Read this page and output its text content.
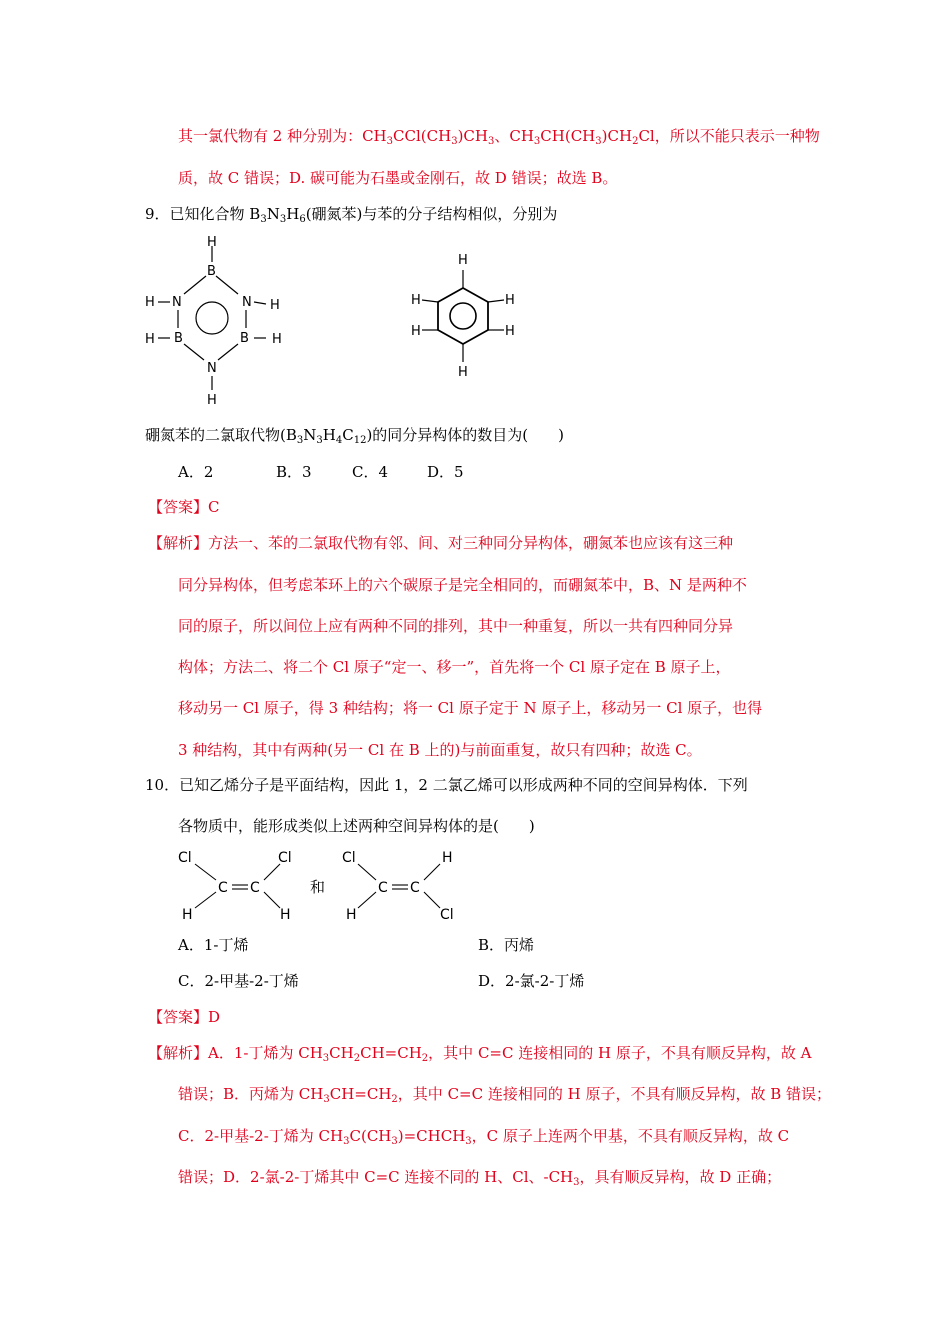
其一氯代物有 2 种分别为：$CH_3CCl(CH_3)CH_3$、$CH_3CH(CH_3)CH_2Cl$，所以不能只表示一种物
质，故 C 错误；D. 碳可能为石墨或金刚石，故 D 错误；故选 B。
9．已知化合物 $B_3N_3H_6$(硼氮苯)与苯的分子结构相似，分别为
H
B
H N	N H
H B	B H
N
H
H
H	H
H	H
H
硼氮苯的二氯取代物$(B_3N_3H_4C_{12})$的同分异构体的数目为(　　)
A．2	B．3	C．4	D．5
【答案】C
【解析】方法一、苯的二氯取代物有邻、间、对三种同分异构体，硼氮苯也应该有这三种
同分异构体，但考虑苯环上的六个碳原子是完全相同的，而硼氮苯中，B、N 是两种不
同的原子，所以间位上应有两种不同的排列，其中一种重复，所以一共有四种同分异
构体；方法二、将二个 Cl 原子“定一、移一”，首先将一个 Cl 原子定在 B 原子上，
移动另一 Cl 原子，得 3 种结构；将一 Cl 原子定于 N 原子上，移动另一 Cl 原子，也得
3 种结构，其中有两种(另一 Cl 在 B 上的)与前面重复，故只有四种；故选 C。
10．已知乙烯分子是平面结构，因此 1，2 二氯乙烯可以形成两种不同的空间异构体．下列
各物质中，能形成类似上述两种空间异构体的是(　　)
Cl	Cl
C C
H	H
和
Cl	H
C C
H	Cl
A．1-丁烯	B．丙烯
C．2-甲基-2-丁烯	D．2-氯-2-丁烯
【答案】D
【解析】A．1-丁烯为 $CH_3CH_2CH=CH_2$，其中 C=C 连接相同的 H 原子，不具有顺反异构，故 A
错误；B．丙烯为 $CH_3CH=CH_2$，其中 C=C 连接相同的 H 原子，不具有顺反异构，故 B 错误；
C．2-甲基-2-丁烯为 $CH_3C(CH_3)=CHCH_3$，C 原子上连两个甲基，不具有顺反异构，故 C
错误；D．2-氯-2-丁烯其中 C=C 连接不同的 H、Cl、$-CH_3$，具有顺反异构，故 D 正确；
